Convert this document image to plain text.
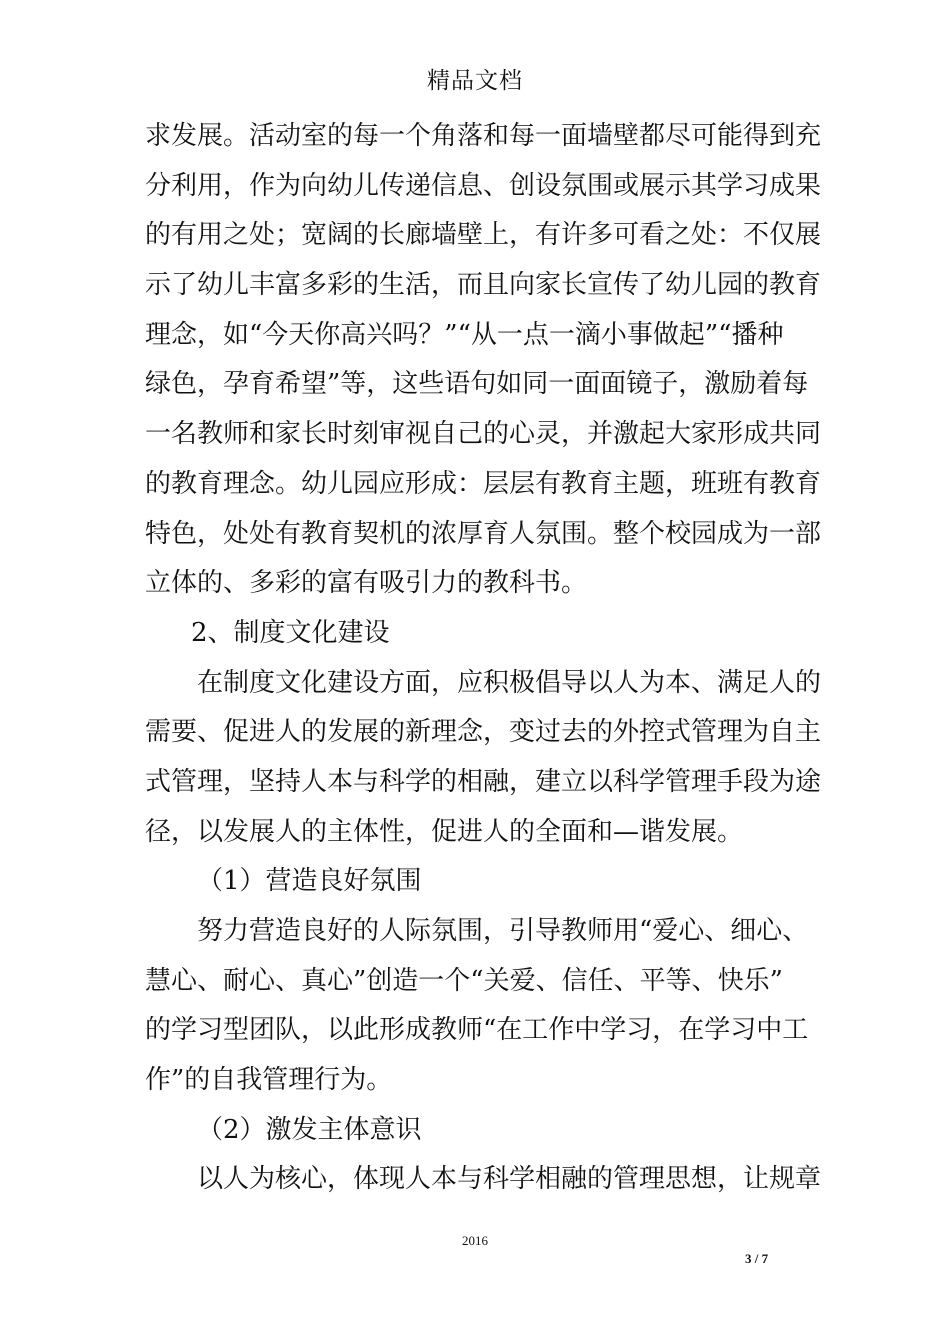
精品文档
求发展。活动室的每一个角落和每一面墙壁都尽可能得到充
分利用，作为向幼儿传递信息、创设氛围或展示其学习成果
的有用之处；宽阔的长廊墙壁上，有许多可看之处：不仅展
示了幼儿丰富多彩的生活，而且向家长宣传了幼儿园的教育
理念，如“今天你高兴吗？”“从一点一滴小事做起”“播种
绿色，孕育希望”等，这些语句如同一面面镜子，激励着每
一名教师和家长时刻审视自己的心灵，并激起大家形成共同
的教育理念。幼儿园应形成：层层有教育主题，班班有教育
特色，处处有教育契机的浓厚育人氛围。整个校园成为一部
立体的、多彩的富有吸引力的教科书。
2、制度文化建设
在制度文化建设方面，应积极倡导以人为本、满足人的
需要、促进人的发展的新理念，变过去的外控式管理为自主
式管理，坚持人本与科学的相融，建立以科学管理手段为途
径，以发展人的主体性，促进人的全面和—谐发展。
（1）营造良好氛围
努力营造良好的人际氛围，引导教师用“爱心、细心、
慧心、耐心、真心”创造一个“关爱、信任、平等、快乐”
的学习型团队，以此形成教师“在工作中学习，在学习中工
作”的自我管理行为。
（2）激发主体意识
以人为核心，体现人本与科学相融的管理思想，让规章
2016
3 / 7
